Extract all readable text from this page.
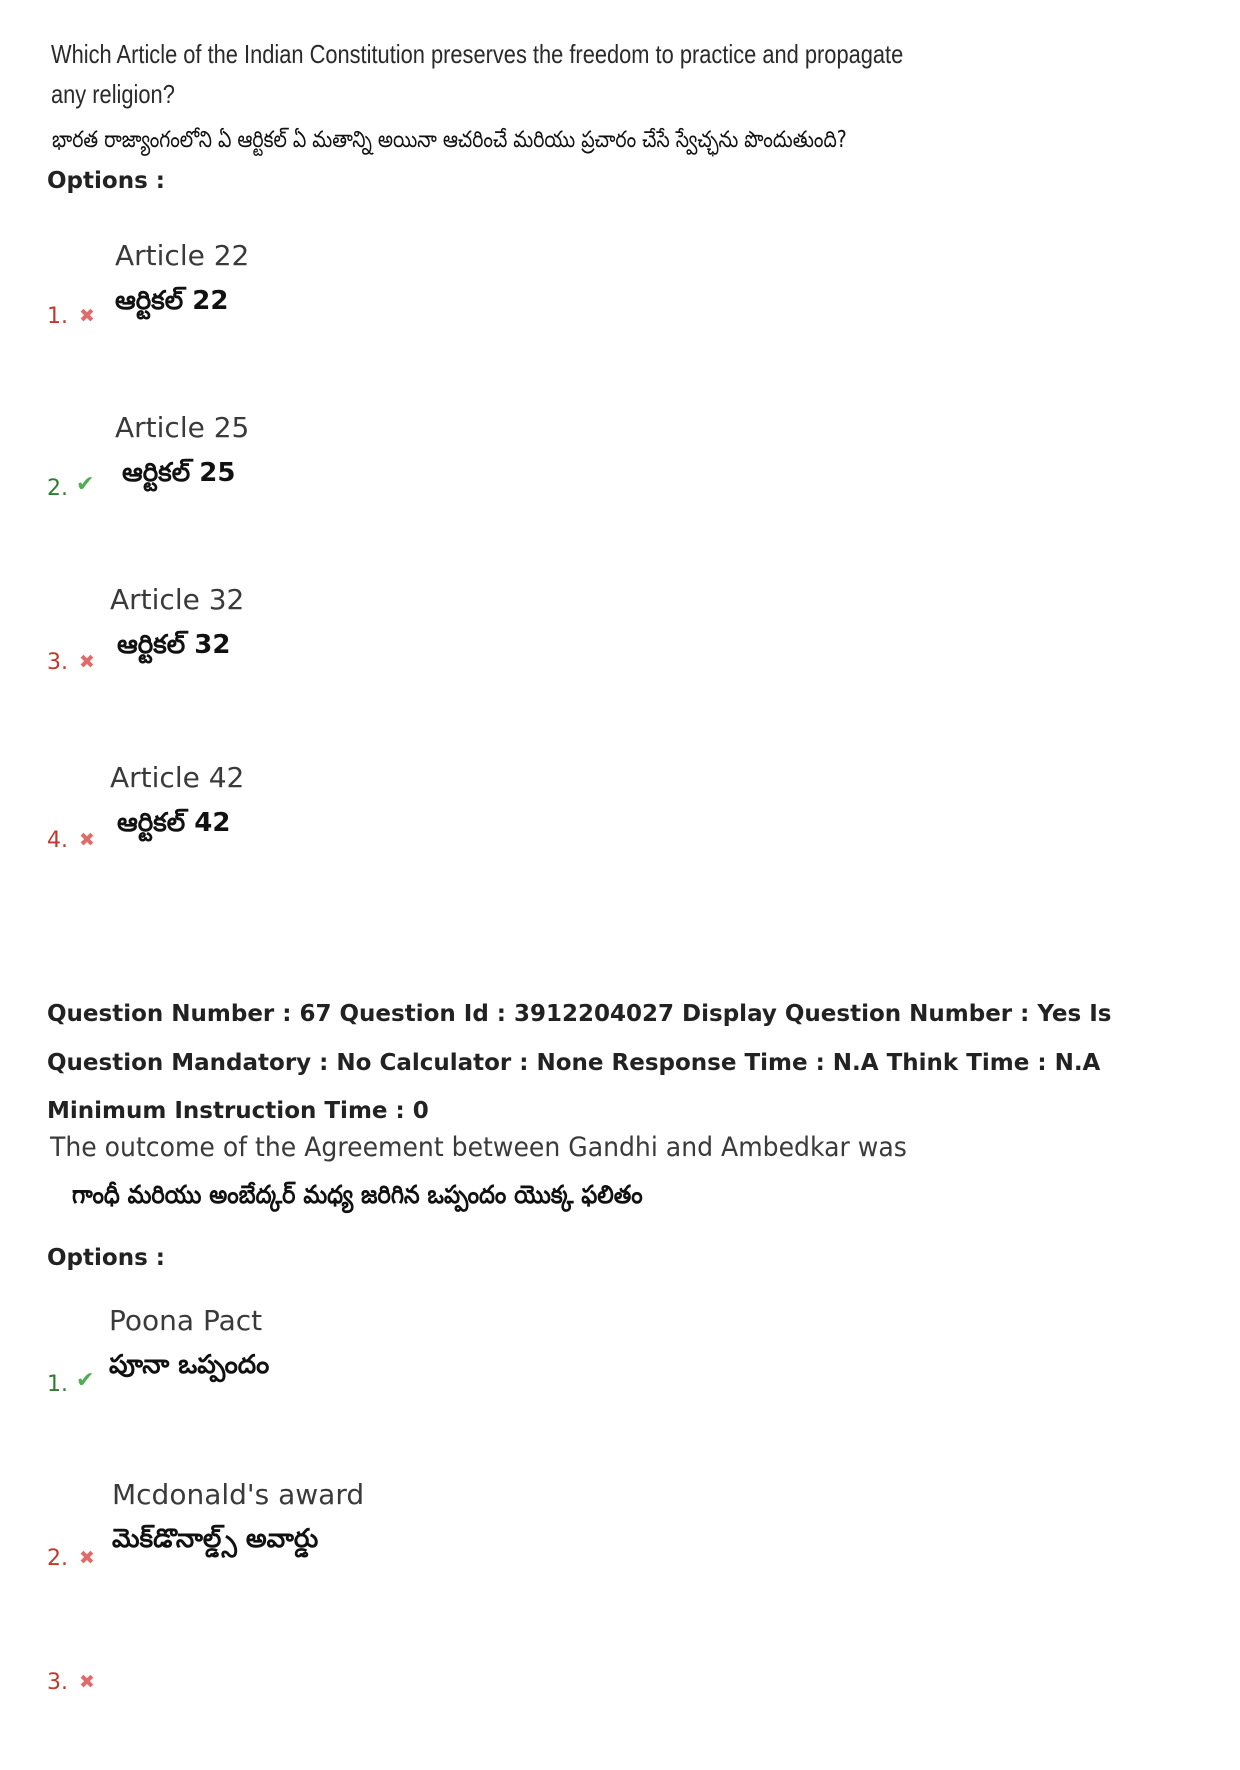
Which Article of the Indian Constitution preserves the freedom to practice and propagate any religion?
భారత రాజ్యాంగంలోని ఏ ఆర్టికల్ ఏ మతాన్ని అయినా ఆచరించే మరియు ప్రచారం చేసే స్వేచ్ఛను పొందుతుంది?
Options :
1. ✖
Article 22
ఆర్టికల్ 22
2. ✔
Article 25
ఆర్టికల్ 25
3. ✖
Article 32
ఆర్టికల్ 32
4. ✖
Article 42
ఆర్టికల్ 42
Question Number : 67 Question Id : 3912204027 Display Question Number : Yes Is Question Mandatory : No Calculator : None Response Time : N.A Think Time : N.A Minimum Instruction Time : 0
The outcome of the Agreement between Gandhi and Ambedkar was
గాంధీ మరియు అంబేద్కర్ మధ్య జరిగిన ఒప్పందం యొక్క ఫలితం
Options :
1. ✔
Poona Pact
పూనా ఒప్పందం
2. ✖
Mcdonald's award
మెక్‌డొనాల్డ్స్ అవార్డు
3. ✖
